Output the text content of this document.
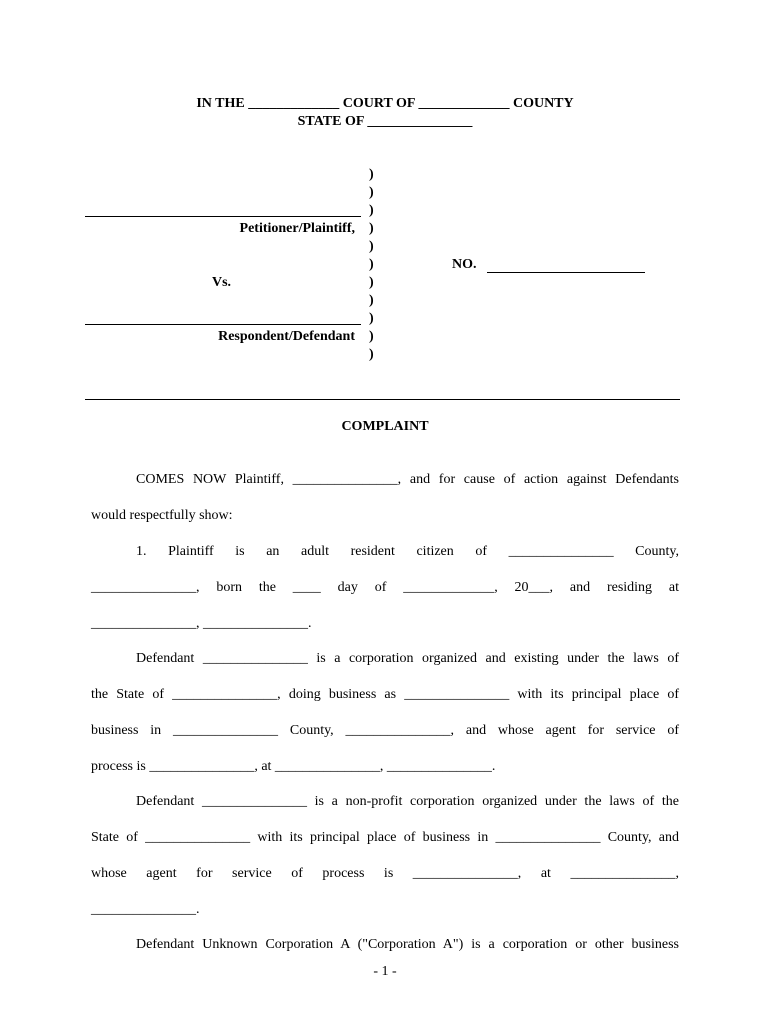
IN THE _____________ COURT OF _____________ COUNTY
STATE OF _______________
Petitioner/Plaintiff,
Vs.
Respondent/Defendant
)
)
)
)
)
)
)
)
)
)
)
NO.
COMPLAINT
COMES NOW Plaintiff, _______________, and for cause of action against Defendants
would respectfully show:
1. Plaintiff is an adult resident citizen of _______________ County,
_______________, born the ____ day of _____________, 20___, and residing at
_______________, _______________.
Defendant _______________ is a corporation organized and existing under the laws of
the State of _______________, doing business as _______________ with its principal place of
business in _______________ County, _______________, and whose agent for service of
process is _______________, at _______________, _______________.
Defendant _______________ is a non-profit corporation organized under the laws of the
State of _______________ with its principal place of business in _______________ County, and
whose agent for service of process is _______________, at _______________,
_______________.
Defendant Unknown Corporation A ("Corporation A") is a corporation or other business
- 1 -
